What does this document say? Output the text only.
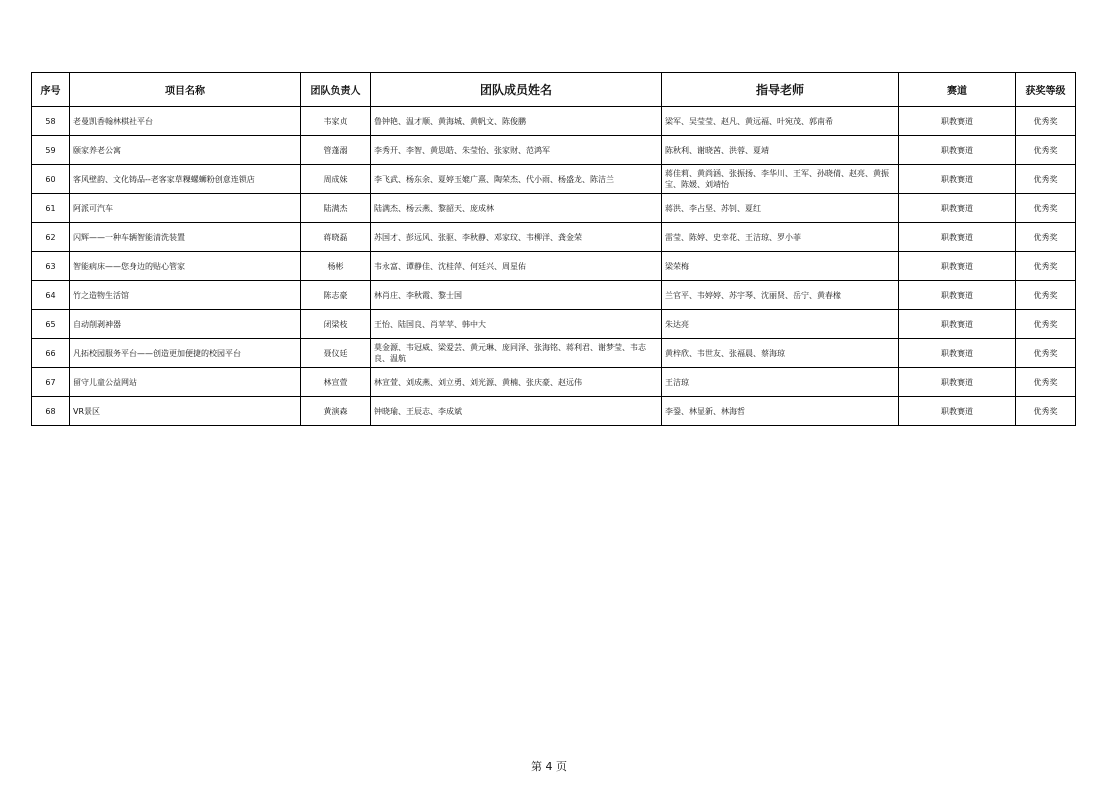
序号	项目名称	团队负责人	团队成员姓名	指导老师	赛道	获奖等级
58	老曼凯香翰林棋社平台	韦家贞	鲁钟艳、温才顺、黄海城、黄帆文、陈俊鹏	梁军、吴莹莹、赵凡、黄远福、叶宛茂、郭南希	职教赛道	优秀奖
59	颐家养老公寓	管蓬溺	李秀开、李智、黄思皓、朱莹怡、张家财、范鸿军	陈秋利、谢晓茜、洪蓉、夏靖	职教赛道	优秀奖
60	客风壁韵、文化铸品--老客家草粿螺蛳粉创意连锁店	周成妹	李飞武、杨东余、夏婷玉媲广熹、陶荣杰、代小雨、杨盛龙、陈洁兰	蒋佳莉、黄尚涵、张振扬、李华川、王军、孙晓倩、赵亮、黄振宝、陈媛、刘靖怡	职教赛道	优秀奖
61	阿派可汽车	陆满杰	陆满杰、杨云燕、黎韶天、庞成林	蒋洪、李占坚、苏钊、夏红	职教赛道	优秀奖
62	闪辉——一种车辆智能清洗装置	蒋晓磊	苏国才、彭远风、张驱、李秋静、邓家玟、韦柳洋、龚金荣	雷莹、陈婷、史幸花、王洁琼、罗小菲	职教赛道	优秀奖
63	智能病床——您身边的贴心管家	杨彬	韦永富、谭静佳、沈桂萍、何廷兴、周星佑	梁荣梅	职教赛道	优秀奖
64	竹之造物生活馆	陈志豪	林肖庄、李秋霞、黎士国	兰官平、韦婷婷、苏宇琴、沈丽贤、岳宁、黄春椽	职教赛道	优秀奖
65	自动削剥神器	闭梁枝	王怡、陆国良、肖苹苹、韩中大	朱达亮	职教赛道	优秀奖
66	凡拓校园服务平台——创造更加便捷的校园平台	聂仪廷	莫金源、韦冠威、梁爱芸、黄元琳、庞同泽、张海铭、蒋利君、谢梦莹、韦志良、温航	黄梓欣、韦世友、张福晨、蔡海琼	职教赛道	优秀奖
67	留守儿童公益网站	林宣萱	林宣萱、刘成燕、刘立勇、刘光源、黄楠、张庆豪、赵远伟	王洁琼	职教赛道	优秀奖
68	VR景区	黄演森	钟晓瑜、王辰志、李成斌	李銎、林显新、林海哲	职教赛道	优秀奖
第 4 页
